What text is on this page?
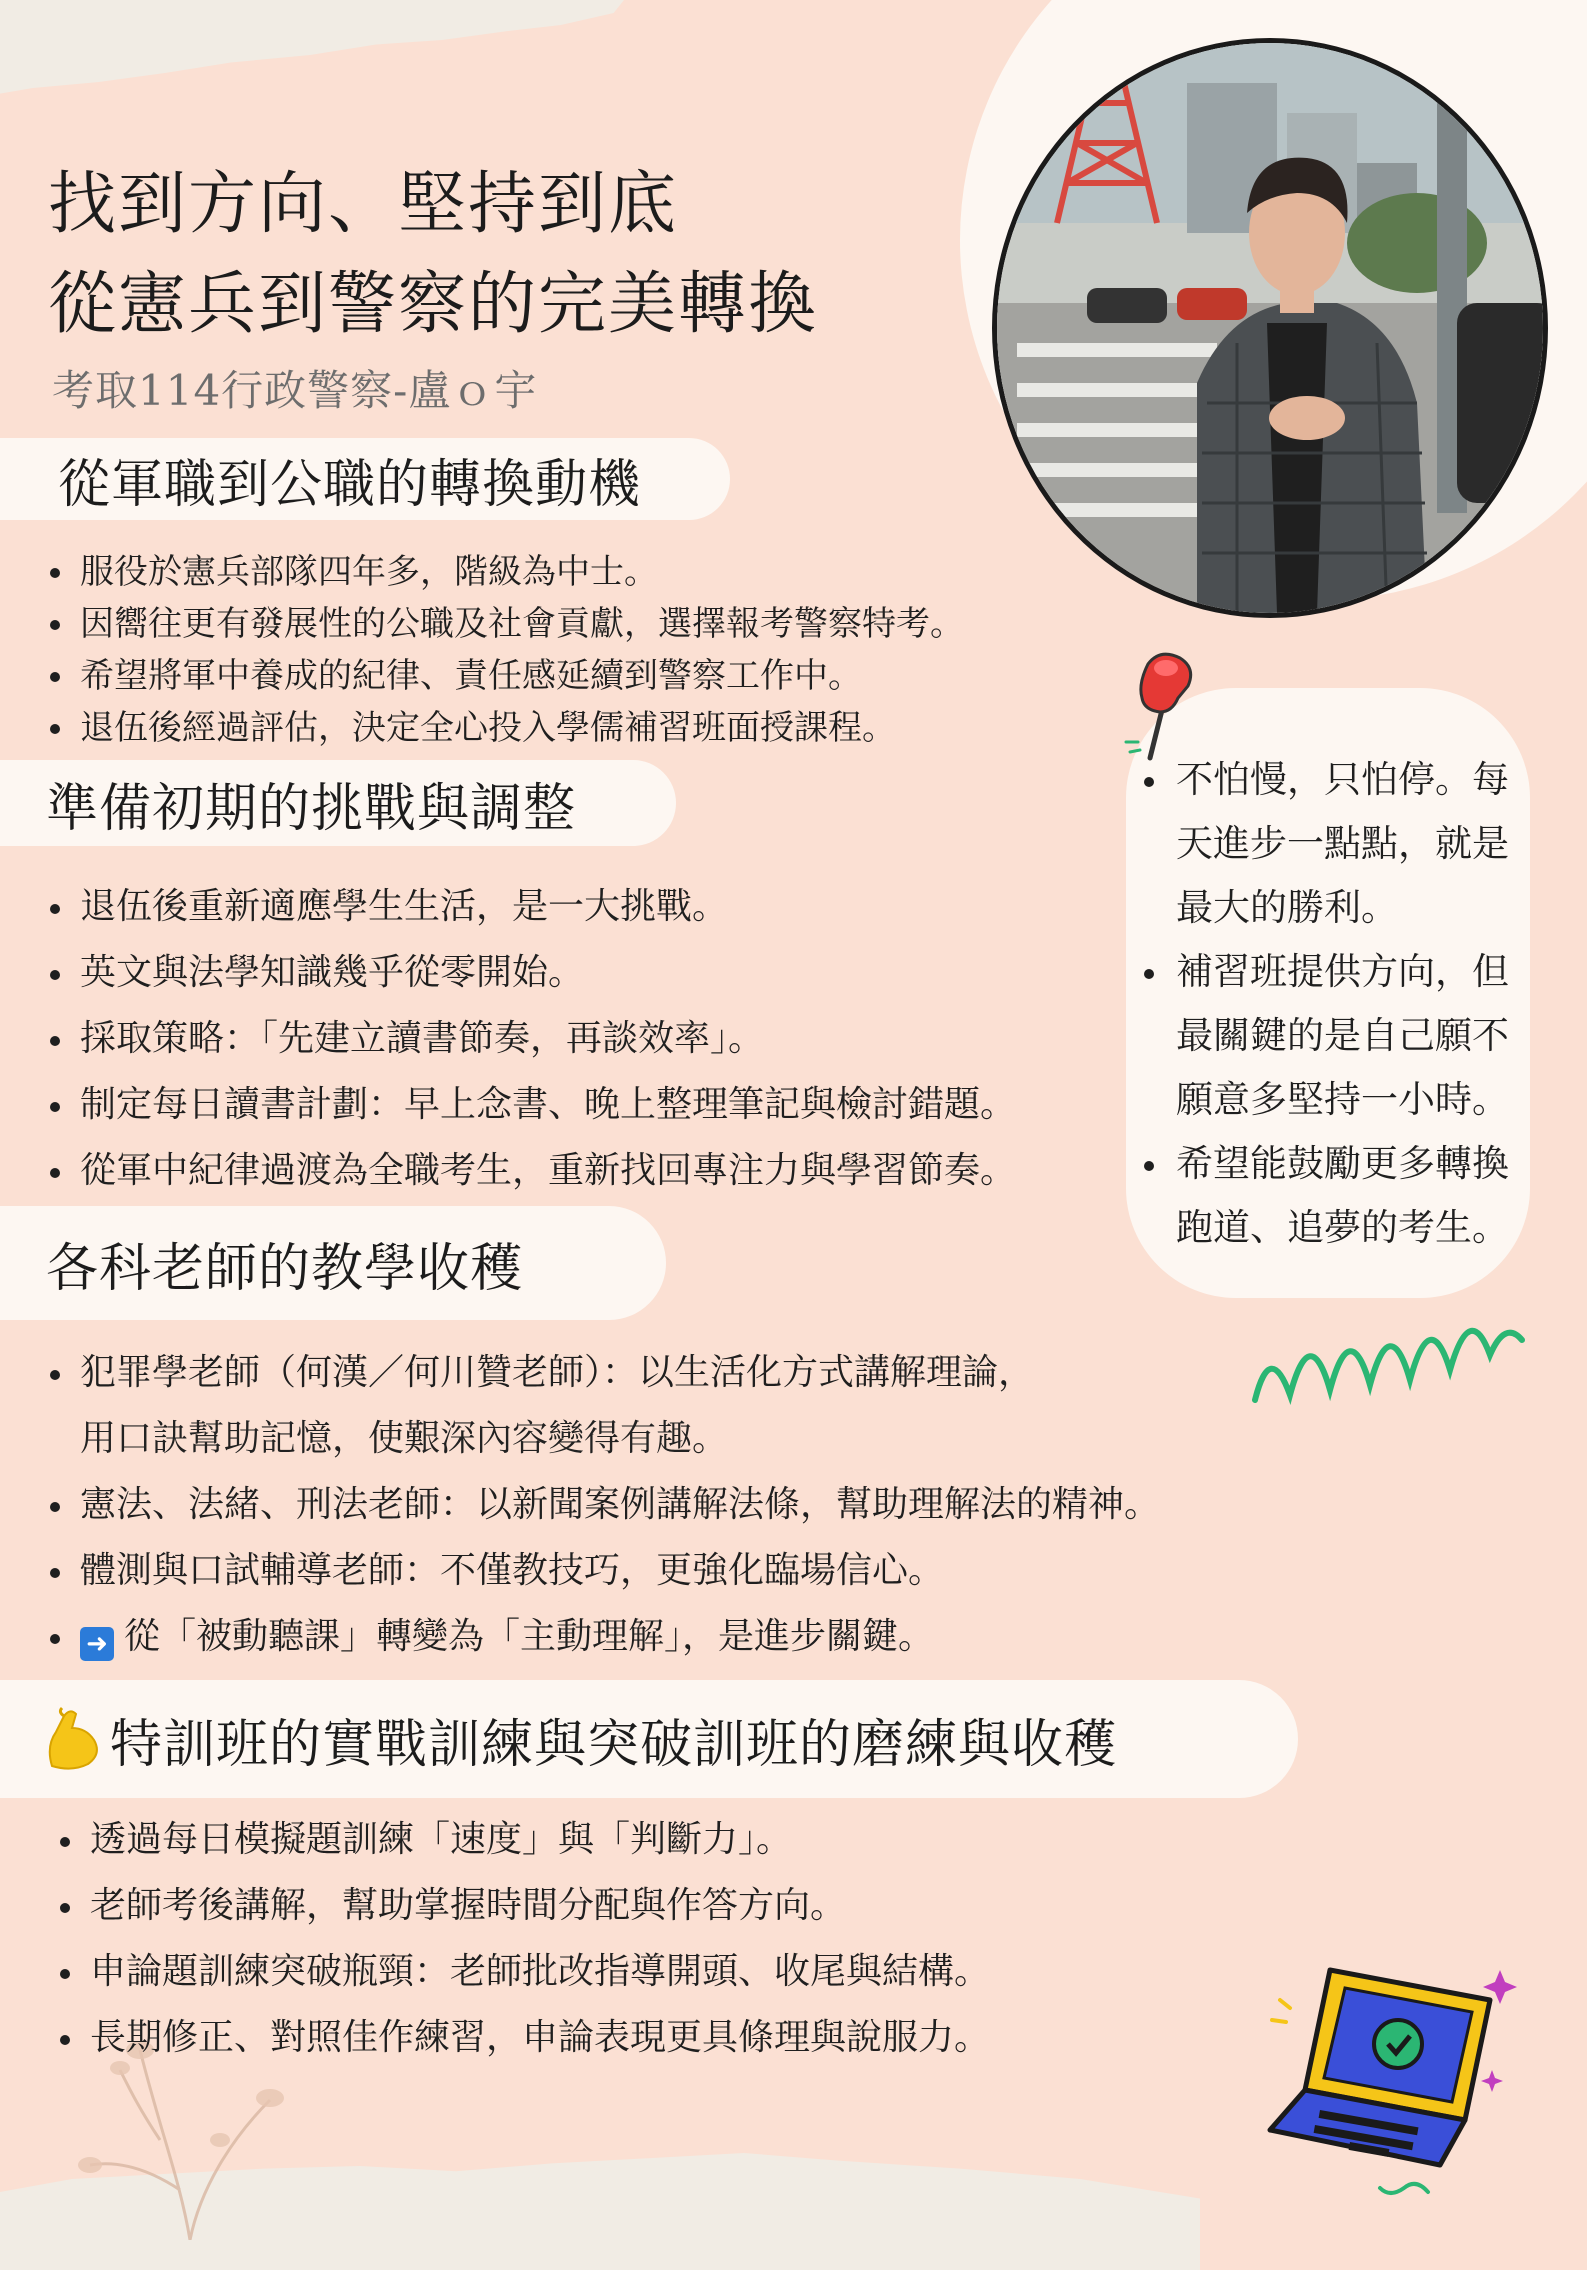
找到方向、堅持到底
從憲兵到警察的完美轉換
考取114行政警察-盧ｏ宇
從軍職到公職的轉換動機
服役於憲兵部隊四年多，階級為中士。
因嚮往更有發展性的公職及社會貢獻，選擇報考警察特考。
希望將軍中養成的紀律、責任感延續到警察工作中。
退伍後經過評估，決定全心投入學儒補習班面授課程。
準備初期的挑戰與調整
退伍後重新適應學生生活，是一大挑戰。
英文與法學知識幾乎從零開始。
採取策略：「先建立讀書節奏，再談效率」。
制定每日讀書計劃：早上念書、晚上整理筆記與檢討錯題。
從軍中紀律過渡為全職考生，重新找回專注力與學習節奏。
各科老師的教學收穫
犯罪學老師（何漢／何川贊老師）：以生活化方式講解理論，
用口訣幫助記憶，使艱深內容變得有趣。
憲法、法緒、刑法老師：以新聞案例講解法條，幫助理解法的精神。
體測與口試輔導老師：不僅教技巧，更強化臨場信心。
➜ 從「被動聽課」轉變為「主動理解」，是進步關鍵。
特訓班的實戰訓練與突破訓班的磨練與收穫
透過每日模擬題訓練「速度」與「判斷力」。
老師考後講解，幫助掌握時間分配與作答方向。
申論題訓練突破瓶頸：老師批改指導開頭、收尾與結構。
長期修正、對照佳作練習，申論表現更具條理與說服力。
不怕慢，只怕停。每天進步一點點，就是最大的勝利。
補習班提供方向，但最關鍵的是自己願不願意多堅持一小時。
希望能鼓勵更多轉換跑道、追夢的考生。
